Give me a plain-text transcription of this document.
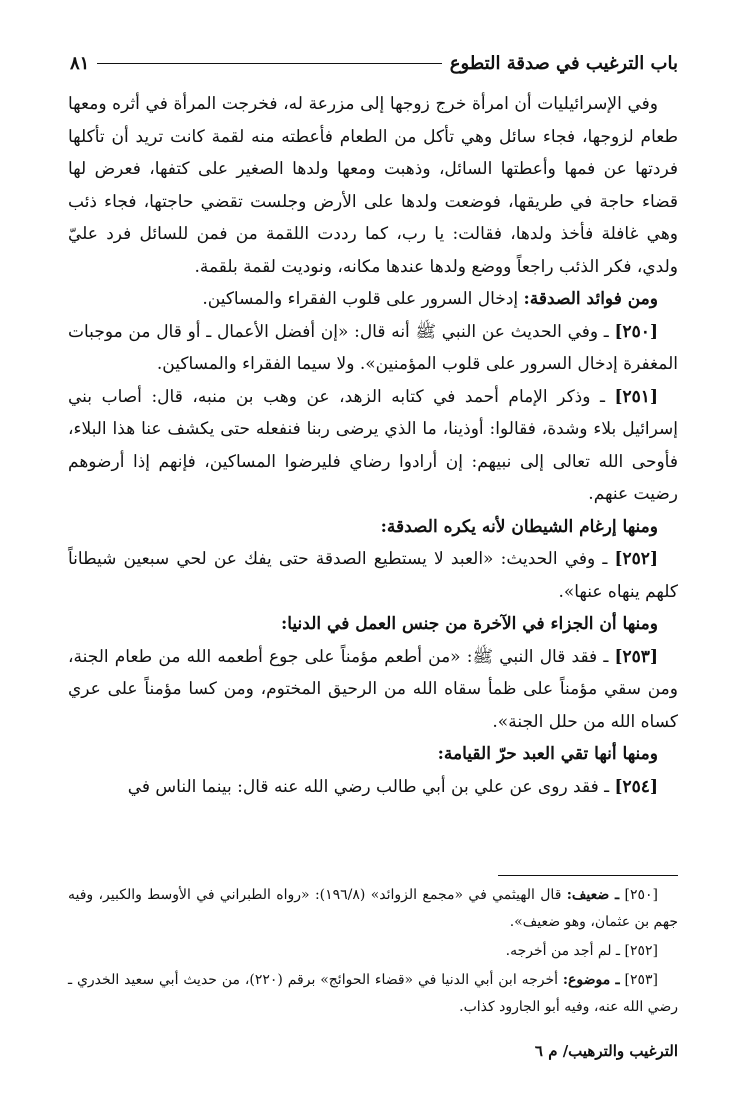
باب الترغيب في صدقة التطوع
٨١

وفي الإسرائيليات أن امرأة خرج زوجها إلى مزرعة له، فخرجت المرأة في أثره ومعها طعام لزوجها، فجاء سائل وهي تأكل من الطعام فأعطته منه لقمة كانت تريد أن تأكلها فردتها عن فمها وأعطتها السائل، وذهبت ومعها ولدها الصغير على كتفها، فعرض لها قضاء حاجة في طريقها، فوضعت ولدها على الأرض وجلست تقضي حاجتها، فجاء ذئب وهي غافلة فأخذ ولدها، فقالت: يا رب، كما رددت اللقمة من فمن للسائل فرد عليّ ولدي، فكر الذئب راجعاً ووضع ولدها عندها مكانه، ونوديت لقمة بلقمة.

ومن فوائد الصدقة: إدخال السرور على قلوب الفقراء والمساكين.

[٢٥٠] ـ وفي الحديث عن النبي ﷺ أنه قال: «إن أفضل الأعمال ـ أو قال من موجبات المغفرة إدخال السرور على قلوب المؤمنين». ولا سيما الفقراء والمساكين.

[٢٥١] ـ وذكر الإمام أحمد في كتابه الزهد، عن وهب بن منبه، قال: أصاب بني إسرائيل بلاء وشدة، فقالوا: أوذينا، ما الذي يرضى ربنا فنفعله حتى يكشف عنا هذا البلاء، فأوحى الله تعالى إلى نبيهم: إن أرادوا رضاي فليرضوا المساكين، فإنهم إذا أرضوهم رضيت عنهم.

ومنها إرغام الشيطان لأنه يكره الصدقة:

[٢٥٢] ـ وفي الحديث: «العبد لا يستطيع الصدقة حتى يفك عن لحي سبعين شيطاناً كلهم ينهاه عنها».

ومنها أن الجزاء في الآخرة من جنس العمل في الدنيا:

[٢٥٣] ـ فقد قال النبي ﷺ: «من أطعم مؤمناً على جوع أطعمه الله من طعام الجنة، ومن سقي مؤمناً على ظمأ سقاه الله من الرحيق المختوم، ومن كسا مؤمناً على عري كساه الله من حلل الجنة».

ومنها أنها تقي العبد حرّ القيامة:

[٢٥٤] ـ فقد روى عن علي بن أبي طالب رضي الله عنه قال: بينما الناس في

[٢٥٠] ـ ضعيف: قال الهيثمي في «مجمع الزوائد» (١٩٦/٨): «رواه الطبراني في الأوسط والكبير، وفيه جهم بن عثمان، وهو ضعيف».

[٢٥٢] ـ لم أجد من أخرجه.

[٢٥٣] ـ موضوع: أخرجه ابن أبي الدنيا في «قضاء الحوائج» برقم (٢٢٠)، من حديث أبي سعيد الخدري ـ رضي الله عنه، وفيه أبو الجارود كذاب.

الترغيب والترهيب/ م ٦
